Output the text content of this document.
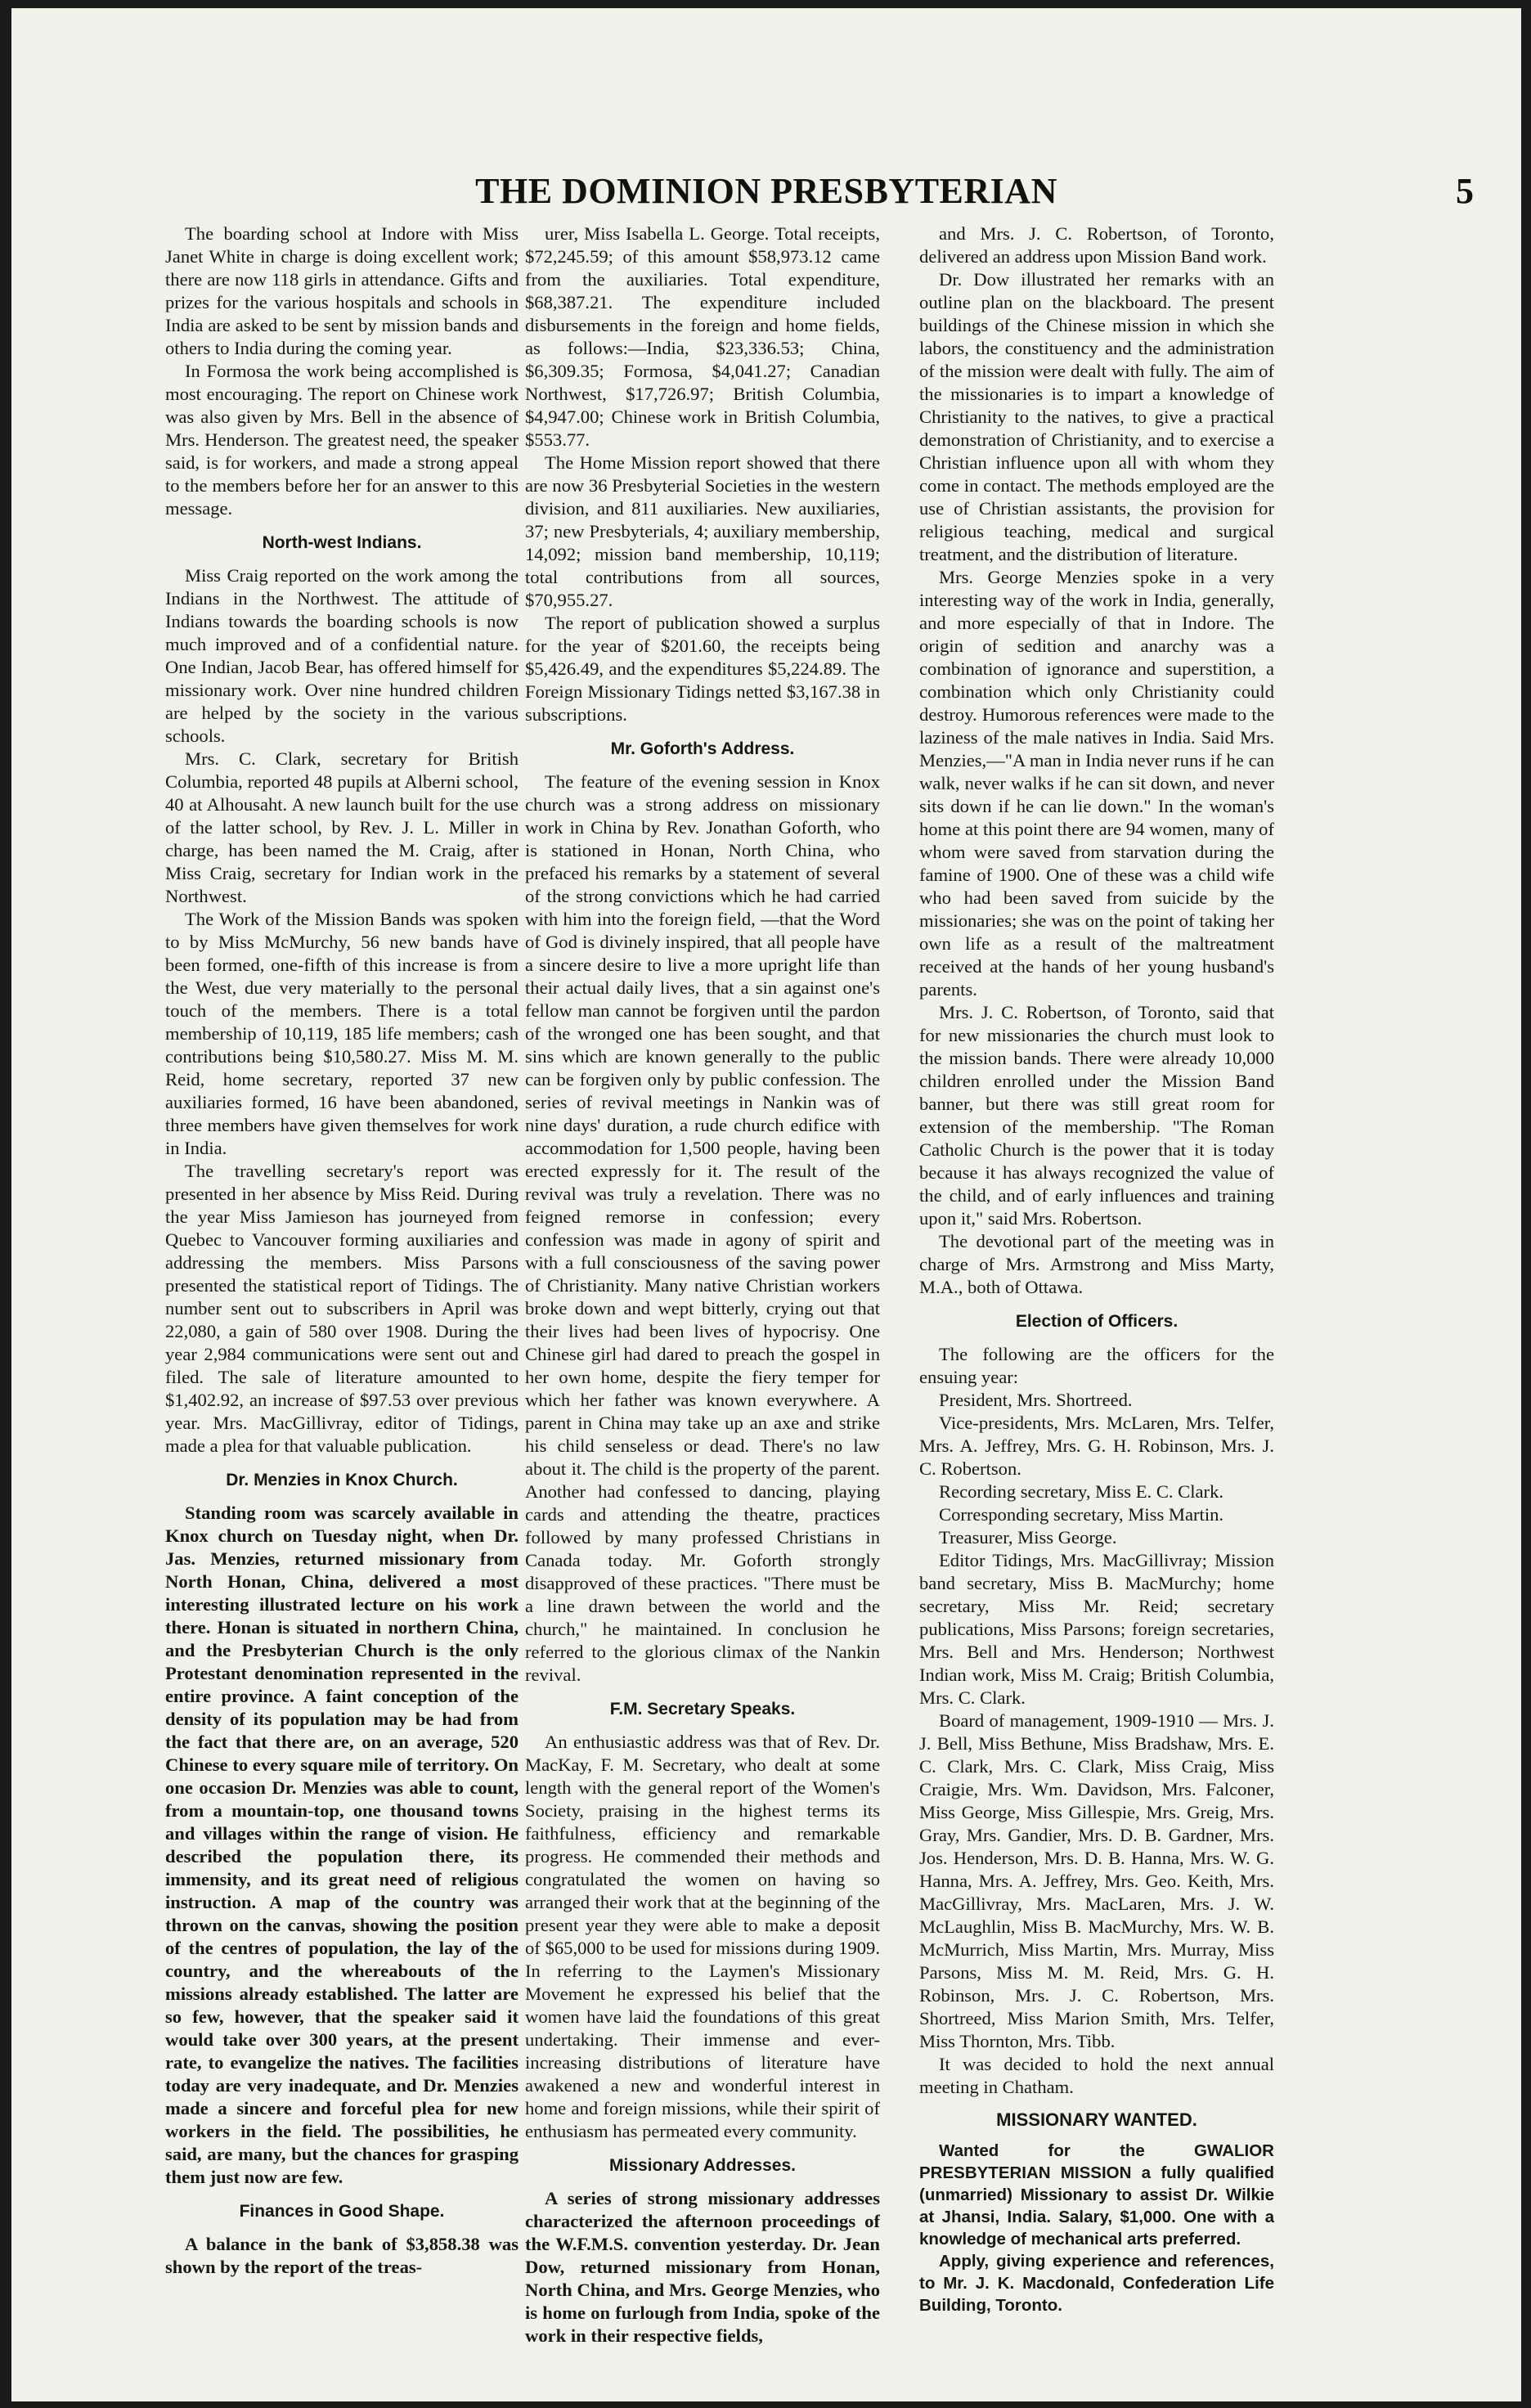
THE DOMINION PRESBYTERIAN	5

The boarding school at Indore with Miss Janet White in charge is doing excellent work; there are now 118 girls in attendance. Gifts and prizes for the various hospitals and schools in India are asked to be sent by mission bands and others to India during the coming year.

In Formosa the work being accomplished is most encouraging. The report on Chinese work was also given by Mrs. Bell in the absence of Mrs. Henderson. The greatest need, the speaker said, is for workers, and made a strong appeal to the members before her for an answer to this message.

North-west Indians.

Miss Craig reported on the work among the Indians in the Northwest. The attitude of Indians towards the boarding schools is now much improved and of a confidential nature. One Indian, Jacob Bear, has offered himself for missionary work. Over nine hundred children are helped by the society in the various schools.

Mrs. C. Clark, secretary for British Columbia, reported 48 pupils at Alberni school, 40 at Alhousaht. A new launch built for the use of the latter school, by Rev. J. L. Miller in charge, has been named the M. Craig, after Miss Craig, secretary for Indian work in the Northwest.

The Work of the Mission Bands was spoken to by Miss McMurchy, 56 new bands have been formed, one-fifth of this increase is from the West, due very materially to the personal touch of the members. There is a total membership of 10,119, 185 life members; cash contributions being $10,580.27. Miss M. M. Reid, home secretary, reported 37 new auxiliaries formed, 16 have been abandoned, three members have given themselves for work in India.

The travelling secretary's report was presented in her absence by Miss Reid. During the year Miss Jamieson has journeyed from Quebec to Vancouver forming auxiliaries and addressing the members. Miss Parsons presented the statistical report of Tidings. The number sent out to subscribers in April was 22,080, a gain of 580 over 1908. During the year 2,984 communications were sent out and filed. The sale of literature amounted to $1,402.92, an increase of $97.53 over previous year. Mrs. MacGillivray, editor of Tidings, made a plea for that valuable publication.

Dr. Menzies in Knox Church.

Standing room was scarcely available in Knox church on Tuesday night, when Dr. Jas. Menzies, returned missionary from North Honan, China, delivered a most interesting illustrated lecture on his work there. Honan is situated in northern China, and the Presbyterian Church is the only Protestant denomination represented in the entire province. A faint conception of the density of its population may be had from the fact that there are, on an average, 520 Chinese to every square mile of territory. On one occasion Dr. Menzies was able to count, from a mountain-top, one thousand towns and villages within the range of vision. He described the population there, its immensity, and its great need of religious instruction. A map of the country was thrown on the canvas, showing the position of the centres of population, the lay of the country, and the whereabouts of the missions already established. The latter are so few, however, that the speaker said it would take over 300 years, at the present rate, to evangelize the natives. The facilities today are very inadequate, and Dr. Menzies made a sincere and forceful plea for new workers in the field. The possibilities, he said, are many, but the chances for grasping them just now are few.

Finances in Good Shape.

A balance in the bank of $3,858.38 was shown by the report of the treas-

urer, Miss Isabella L. George. Total receipts, $72,245.59; of this amount $58,973.12 came from the auxiliaries. Total expenditure, $68,387.21. The expenditure included disbursements in the foreign and home fields, as follows:—India, $23,336.53; China, $6,309.35; Formosa, $4,041.27; Canadian Northwest, $17,726.97; British Columbia, $4,947.00; Chinese work in British Columbia, $553.77.

The Home Mission report showed that there are now 36 Presbyterial Societies in the western division, and 811 auxiliaries. New auxiliaries, 37; new Presbyterials, 4; auxiliary membership, 14,092; mission band membership, 10,119; total contributions from all sources, $70,955.27.

The report of publication showed a surplus for the year of $201.60, the receipts being $5,426.49, and the expenditures $5,224.89. The Foreign Missionary Tidings netted $3,167.38 in subscriptions.

Mr. Goforth's Address.

The feature of the evening session in Knox church was a strong address on missionary work in China by Rev. Jonathan Goforth, who is stationed in Honan, North China, who prefaced his remarks by a statement of several of the strong convictions which he had carried with him into the foreign field, —that the Word of God is divinely inspired, that all people have a sincere desire to live a more upright life than their actual daily lives, that a sin against one's fellow man cannot be forgiven until the pardon of the wronged one has been sought, and that sins which are known generally to the public can be forgiven only by public confession. The series of revival meetings in Nankin was of nine days' duration, a rude church edifice with accommodation for 1,500 people, having been erected expressly for it. The result of the revival was truly a revelation. There was no feigned remorse in confession; every confession was made in agony of spirit and with a full consciousness of the saving power of Christianity. Many native Christian workers broke down and wept bitterly, crying out that their lives had been lives of hypocrisy. One Chinese girl had dared to preach the gospel in her own home, despite the fiery temper for which her father was known everywhere. A parent in China may take up an axe and strike his child senseless or dead. There's no law about it. The child is the property of the parent. Another had confessed to dancing, playing cards and attending the theatre, practices followed by many professed Christians in Canada today. Mr. Goforth strongly disapproved of these practices. "There must be a line drawn between the world and the church," he maintained. In conclusion he referred to the glorious climax of the Nankin revival.

F.M. Secretary Speaks.

An enthusiastic address was that of Rev. Dr. MacKay, F. M. Secretary, who dealt at some length with the general report of the Women's Society, praising in the highest terms its faithfulness, efficiency and remarkable progress. He commended their methods and congratulated the women on having so arranged their work that at the beginning of the present year they were able to make a deposit of $65,000 to be used for missions during 1909. In referring to the Laymen's Missionary Movement he expressed his belief that the women have laid the foundations of this great undertaking. Their immense and ever-increasing distributions of literature have awakened a new and wonderful interest in home and foreign missions, while their spirit of enthusiasm has permeated every community.

Missionary Addresses.

A series of strong missionary addresses characterized the afternoon proceedings of the W.F.M.S. convention yesterday. Dr. Jean Dow, returned missionary from Honan, North China, and Mrs. George Menzies, who is home on furlough from India, spoke of the work in their respective fields,

and Mrs. J. C. Robertson, of Toronto, delivered an address upon Mission Band work.

Dr. Dow illustrated her remarks with an outline plan on the blackboard. The present buildings of the Chinese mission in which she labors, the constituency and the administration of the mission were dealt with fully. The aim of the missionaries is to impart a knowledge of Christianity to the natives, to give a practical demonstration of Christianity, and to exercise a Christian influence upon all with whom they come in contact. The methods employed are the use of Christian assistants, the provision for religious teaching, medical and surgical treatment, and the distribution of literature.

Mrs. George Menzies spoke in a very interesting way of the work in India, generally, and more especially of that in Indore. The origin of sedition and anarchy was a combination of ignorance and superstition, a combination which only Christianity could destroy. Humorous references were made to the laziness of the male natives in India. Said Mrs. Menzies,—"A man in India never runs if he can walk, never walks if he can sit down, and never sits down if he can lie down." In the woman's home at this point there are 94 women, many of whom were saved from starvation during the famine of 1900. One of these was a child wife who had been saved from suicide by the missionaries; she was on the point of taking her own life as a result of the maltreatment received at the hands of her young husband's parents.

Mrs. J. C. Robertson, of Toronto, said that for new missionaries the church must look to the mission bands. There were already 10,000 children enrolled under the Mission Band banner, but there was still great room for extension of the membership. "The Roman Catholic Church is the power that it is today because it has always recognized the value of the child, and of early influences and training upon it," said Mrs. Robertson.

The devotional part of the meeting was in charge of Mrs. Armstrong and Miss Marty, M.A., both of Ottawa.

Election of Officers.

The following are the officers for the ensuing year:

President, Mrs. Shortreed.

Vice-presidents, Mrs. McLaren, Mrs. Telfer, Mrs. A. Jeffrey, Mrs. G. H. Robinson, Mrs. J. C. Robertson.

Recording secretary, Miss E. C. Clark.

Corresponding secretary, Miss Martin.

Treasurer, Miss George.

Editor Tidings, Mrs. MacGillivray; Mission band secretary, Miss B. MacMurchy; home secretary, Miss Mr. Reid; secretary publications, Miss Parsons; foreign secretaries, Mrs. Bell and Mrs. Henderson; Northwest Indian work, Miss M. Craig; British Columbia, Mrs. C. Clark.

Board of management, 1909-1910 — Mrs. J. J. Bell, Miss Bethune, Miss Bradshaw, Mrs. E. C. Clark, Mrs. C. Clark, Miss Craig, Miss Craigie, Mrs. Wm. Davidson, Mrs. Falconer, Miss George, Miss Gillespie, Mrs. Greig, Mrs. Gray, Mrs. Gandier, Mrs. D. B. Gardner, Mrs. Jos. Henderson, Mrs. D. B. Hanna, Mrs. W. G. Hanna, Mrs. A. Jeffrey, Mrs. Geo. Keith, Mrs. MacGillivray, Mrs. MacLaren, Mrs. J. W. McLaughlin, Miss B. MacMurchy, Mrs. W. B. McMurrich, Miss Martin, Mrs. Murray, Miss Parsons, Miss M. M. Reid, Mrs. G. H. Robinson, Mrs. J. C. Robertson, Mrs. Shortreed, Miss Marion Smith, Mrs. Telfer, Miss Thornton, Mrs. Tibb.

It was decided to hold the next annual meeting in Chatham.

MISSIONARY WANTED.

Wanted for the GWALIOR PRESBYTERIAN MISSION a fully qualified (unmarried) Missionary to assist Dr. Wilkie at Jhansi, India. Salary, $1,000. One with a knowledge of mechanical arts preferred.

Apply, giving experience and references, to Mr. J. K. Macdonald, Confederation Life Building, Toronto.
